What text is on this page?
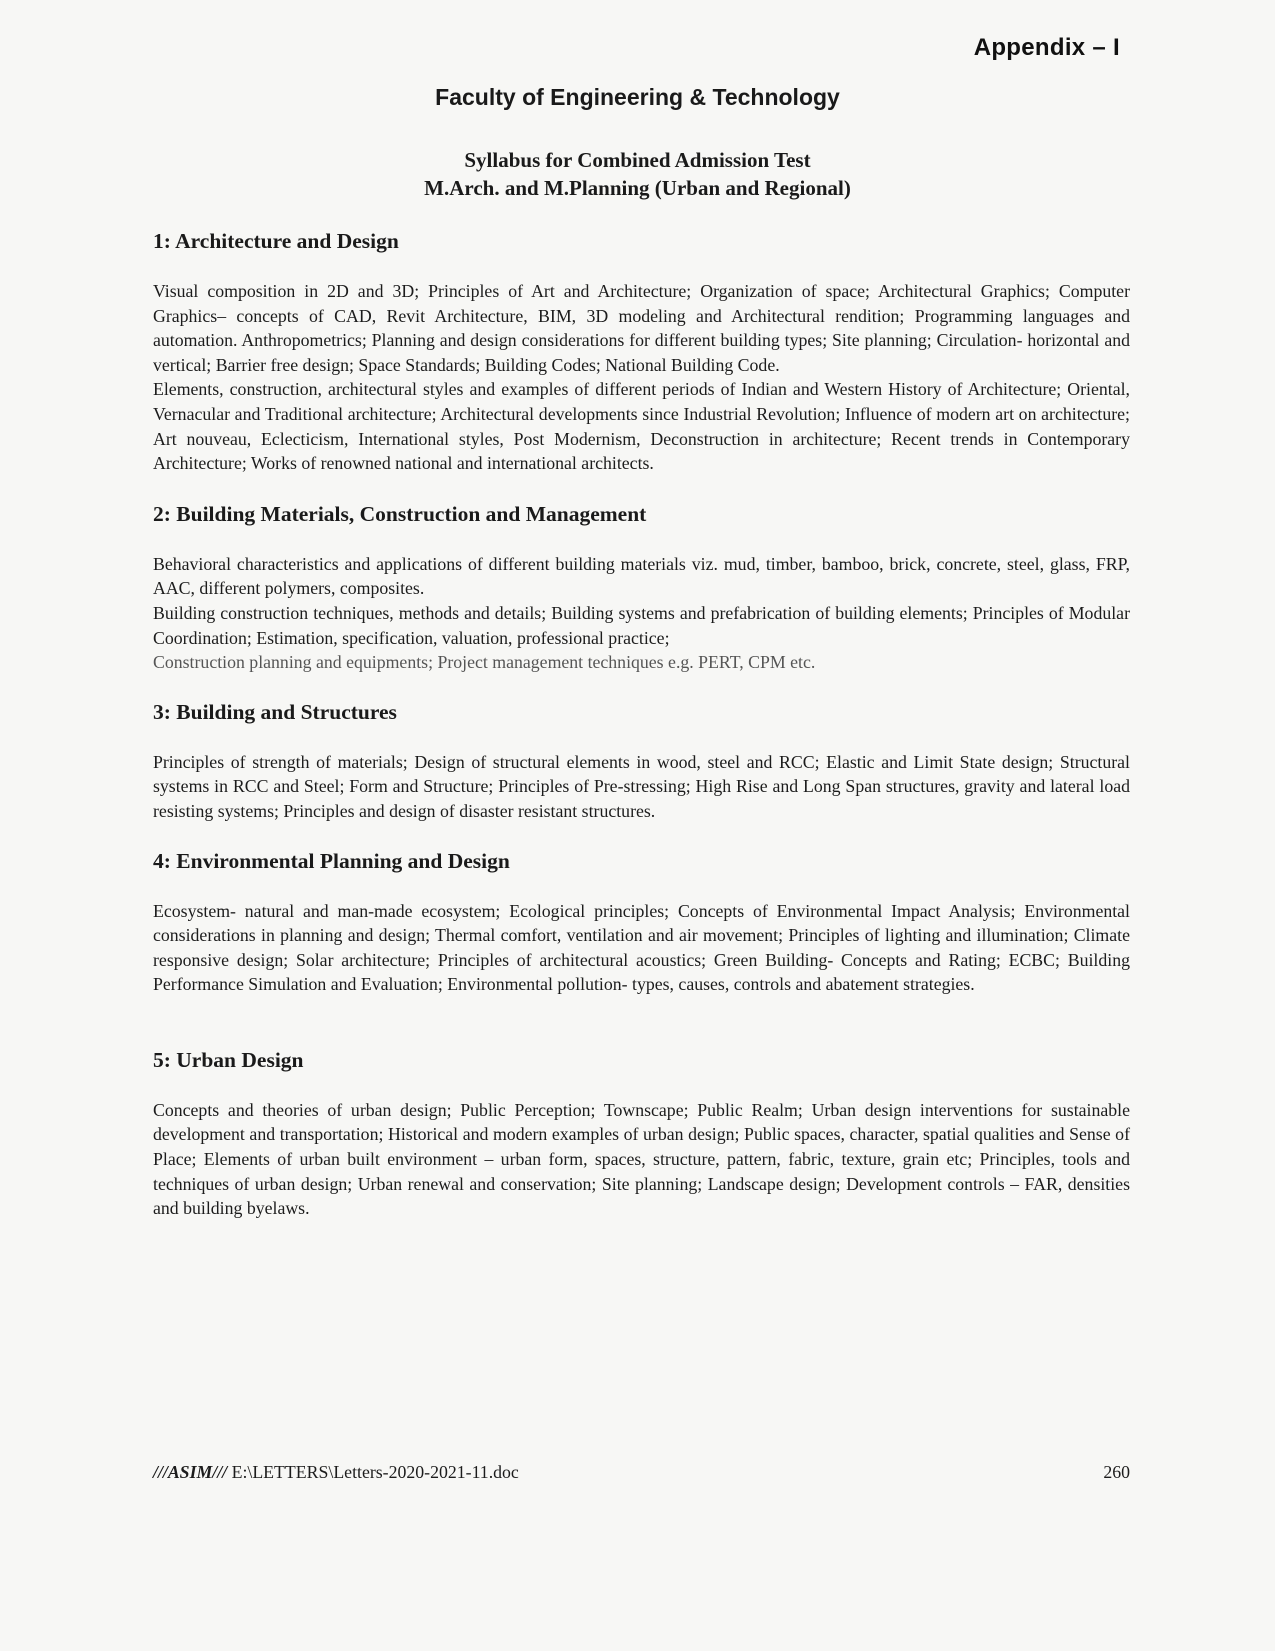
Appendix – I
Faculty of Engineering & Technology
Syllabus for Combined Admission Test
M.Arch. and M.Planning (Urban and Regional)
1: Architecture and Design

Visual composition in 2D and 3D; Principles of Art and Architecture; Organization of space; Architectural Graphics; Computer Graphics– concepts of CAD, Revit Architecture, BIM, 3D modeling and Architectural rendition; Programming languages and automation. Anthropometrics; Planning and design considerations for different building types; Site planning; Circulation- horizontal and vertical; Barrier free design; Space Standards; Building Codes; National Building Code.

Elements, construction, architectural styles and examples of different periods of Indian and Western History of Architecture; Oriental, Vernacular and Traditional architecture; Architectural developments since Industrial Revolution; Influence of modern art on architecture; Art nouveau, Eclecticism, International styles, Post Modernism, Deconstruction in architecture; Recent trends in Contemporary Architecture; Works of renowned national and international architects.

2: Building Materials, Construction and Management

Behavioral characteristics and applications of different building materials viz. mud, timber, bamboo, brick, concrete, steel, glass, FRP, AAC, different polymers, composites.

Building construction techniques, methods and details; Building systems and prefabrication of building elements; Principles of Modular Coordination; Estimation, specification, valuation, professional practice;

Construction planning and equipments; Project management techniques e.g. PERT, CPM etc.

3: Building and Structures

Principles of strength of materials; Design of structural elements in wood, steel and RCC; Elastic and Limit State design; Structural systems in RCC and Steel; Form and Structure; Principles of Pre-stressing; High Rise and Long Span structures, gravity and lateral load resisting systems; Principles and design of disaster resistant structures.

4: Environmental Planning and Design

Ecosystem- natural and man-made ecosystem; Ecological principles; Concepts of Environmental Impact Analysis; Environmental considerations in planning and design; Thermal comfort, ventilation and air movement; Principles of lighting and illumination; Climate responsive design; Solar architecture; Principles of architectural acoustics; Green Building- Concepts and Rating; ECBC; Building Performance Simulation and Evaluation; Environmental pollution- types, causes, controls and abatement strategies.

5: Urban Design

Concepts and theories of urban design; Public Perception; Townscape; Public Realm; Urban design interventions for sustainable development and transportation; Historical and modern examples of urban design; Public spaces, character, spatial qualities and Sense of Place; Elements of urban built environment – urban form, spaces, structure, pattern, fabric, texture, grain etc; Principles, tools and techniques of urban design; Urban renewal and conservation; Site planning; Landscape design; Development controls – FAR, densities and building byelaws.

///ASIM/// E:\LETTERS\Letters-2020-2021-11.doc	260
